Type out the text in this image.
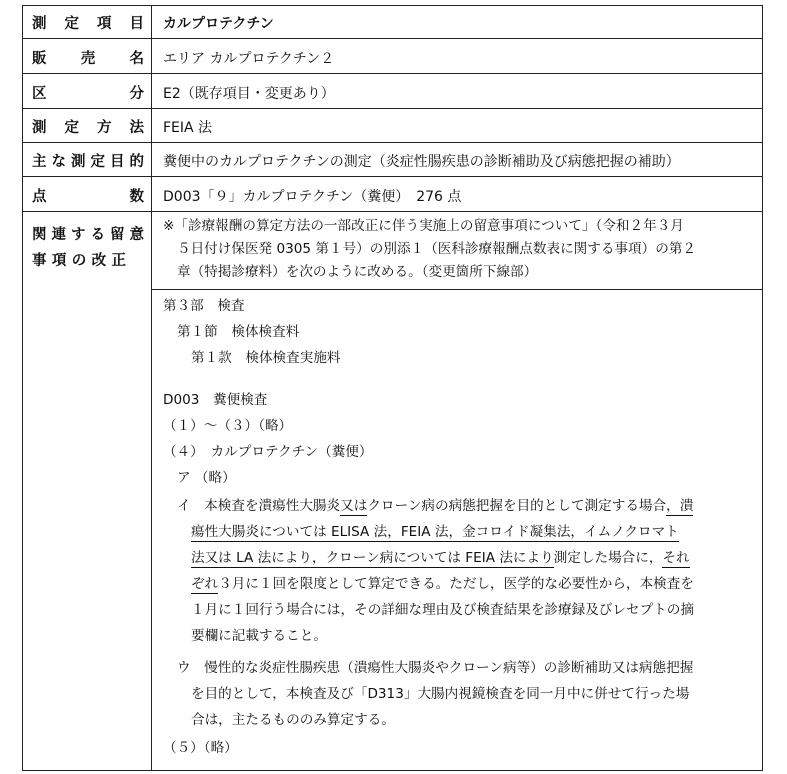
測 定 項 目 カルプロテクチン
販 売 名 エリア カルプロテクチン２
区	分 E2（既存項目・変更あり）
測 定 方 法 FEIA 法
主 な 測 定 目 的 糞便中のカルプロテクチンの測定（炎症性腸疾患の診断補助及び病態把握の補助）
点	数 D003「９」カルプロテクチン（糞便）　276 点
関 連 す る 留 意
事 項 の 改 正
※「診療報酬の算定方法の一部改正に伴う実施上の留意事項について」（令和２年３月
５日付け保医発 0305 第１号）の別添１（医科診療報酬点数表に関する事項）の第２
章（特掲診療料）を次のように改める。（変更箇所下線部）
第３部　検査
第１節　検体検査料
第１款　検体検査実施料
D003　糞便検査
（１）～（３）（略）
（４）　カルプロテクチン（糞便）
ア （略）
イ　本検査を潰瘍性大腸炎又はクローン病の病態把握を目的として測定する場合，潰
瘍性大腸炎については ELISA 法，FEIA 法，金コロイド凝集法，イムノクロマト
法又は LA 法により，クローン病については FEIA 法により測定した場合に，それ
ぞれ３月に１回を限度として算定できる。ただし，医学的な必要性から，本検査を
１月に１回行う場合には，その詳細な理由及び検査結果を診療録及びレセプトの摘
要欄に記載すること。
ウ　慢性的な炎症性腸疾患（潰瘍性大腸炎やクローン病等）の診断補助又は病態把握
を目的として，本検査及び「D313」大腸内視鏡検査を同一月中に併せて行った場
合は，主たるもののみ算定する。
（５）（略）
